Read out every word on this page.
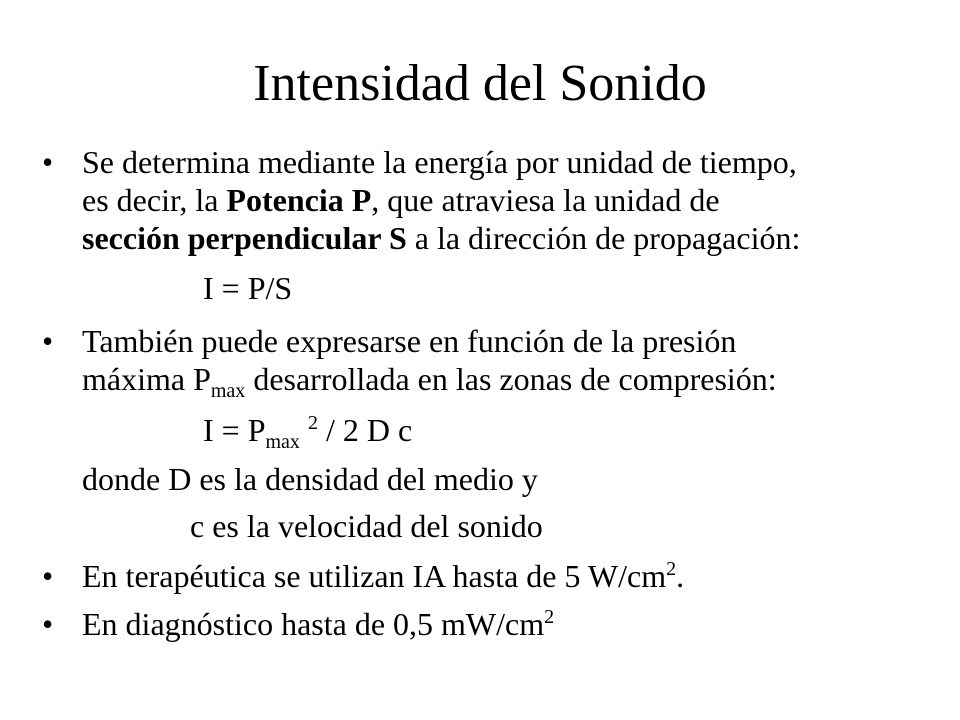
Intensidad del Sonido
• Se determina mediante la energía por unidad de tiempo,
es decir, la Potencia P, que atraviesa la unidad de
sección perpendicular S a la dirección de propagación:
I = P/S
• También puede expresarse en función de la presión
máxima $P_{max}$ desarrollada en las zonas de compresión:
$I = P_{max}$ $^2$ / 2 D c
donde D es la densidad del medio y
c es la velocidad del sonido
• En terapéutica se utilizan IA hasta de 5 $W/cm^2$.
• En diagnóstico hasta de 0,5 $mW/cm^2$
